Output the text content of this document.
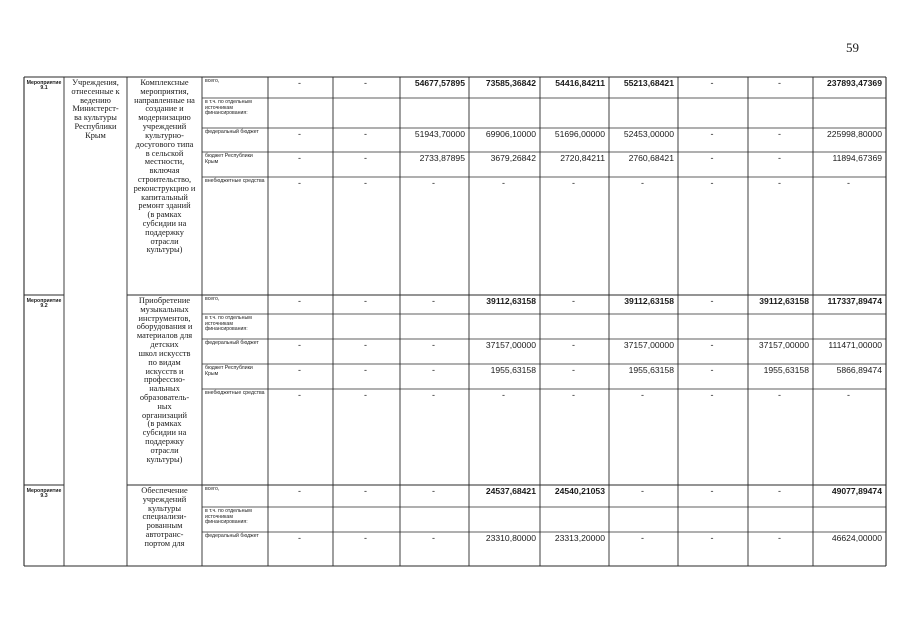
59
Мероприятие 9.1
Учреждения,
отнесенные к
ведению
Министерст-
ва культуры
Республики
Крым
Комплексные
мероприятия,
направленные на
создание и
модернизацию
учреждений
культурно-
досугового типа
в сельской
местности,
включая
строительство,
реконструкцию и
капитальный
ремонт зданий
(в рамках
субсидии на
поддержку
отрасли
культуры)
всего,	-	-	54677,57895	73585,36842	54416,84211	55213,68421	-	-	237893,47369
в т.ч. по отдельным источникам финансирования:
федеральный бюджет	-	-	51943,70000	69906,10000	51696,00000	52453,00000	-	-	225998,80000
бюджет Республики Крым	-	-	2733,87895	3679,26842	2720,84211	2760,68421	-	-	11894,67369
внебюджетные средства	-	-	-	-	-	-	-	-	-
Мероприятие 9.2
Приобретение
музыкальных
инструментов,
оборудования и
материалов для
детских
школ искусств
по видам
искусств и
профессио-
нальных
образователь-
ных
организаций
(в рамках
субсидии на
поддержку
отрасли
культуры)
всего,	-	-	-	39112,63158	-	39112,63158	-	39112,63158	117337,89474
в т.ч. по отдельным источникам финансирования:
федеральный бюджет	-	-	-	37157,00000	-	37157,00000	-	37157,00000	111471,00000
бюджет Республики Крым	-	-	-	1955,63158	-	1955,63158	-	1955,63158	5866,89474
внебюджетные средства	-	-	-	-	-	-	-	-	-
Мероприятие 9.3
Обеспечение
учреждений
культуры
специализи-
рованным
автотранс-
портом для
всего,	-	-	-	24537,68421	24540,21053	-	-	-	49077,89474
в т.ч. по отдельным источникам финансирования:
федеральный бюджет	-	-	-	23310,80000	23313,20000	-	-	-	46624,00000
